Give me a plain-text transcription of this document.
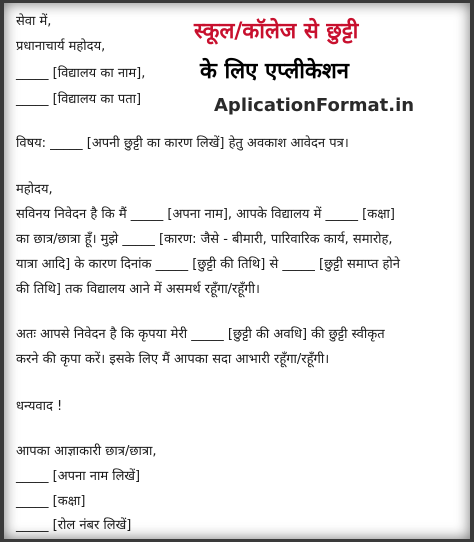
स्कूल/कॉलेज से छुट्टी
के लिए एप्लीकेशन
AplicationFormat.in
सेवा में,
प्रधानाचार्य महोदय,
_____ [विद्यालय का नाम],
_____ [विद्यालय का पता]
विषय: _____ [अपनी छुट्टी का कारण लिखें] हेतु अवकाश आवेदन पत्र।
महोदय,
सविनय निवेदन है कि मैं _____ [अपना नाम], आपके विद्यालय में _____ [कक्षा]
का छात्र/छात्रा हूँ। मुझे _____ [कारण: जैसे - बीमारी, पारिवारिक कार्य, समारोह,
यात्रा आदि] के कारण दिनांक _____ [छुट्टी की तिथि] से _____ [छुट्टी समाप्त होने
की तिथि] तक विद्यालय आने में असमर्थ रहूँगा/रहूँगी।
अतः आपसे निवेदन है कि कृपया मेरी _____ [छुट्टी की अवधि] की छुट्टी स्वीकृत
करने की कृपा करें। इसके लिए मैं आपका सदा आभारी रहूँगा/रहूँगी।
धन्यवाद !
आपका आज्ञाकारी छात्र/छात्रा,
_____ [अपना नाम लिखें]
_____ [कक्षा]
_____ [रोल नंबर लिखें]
